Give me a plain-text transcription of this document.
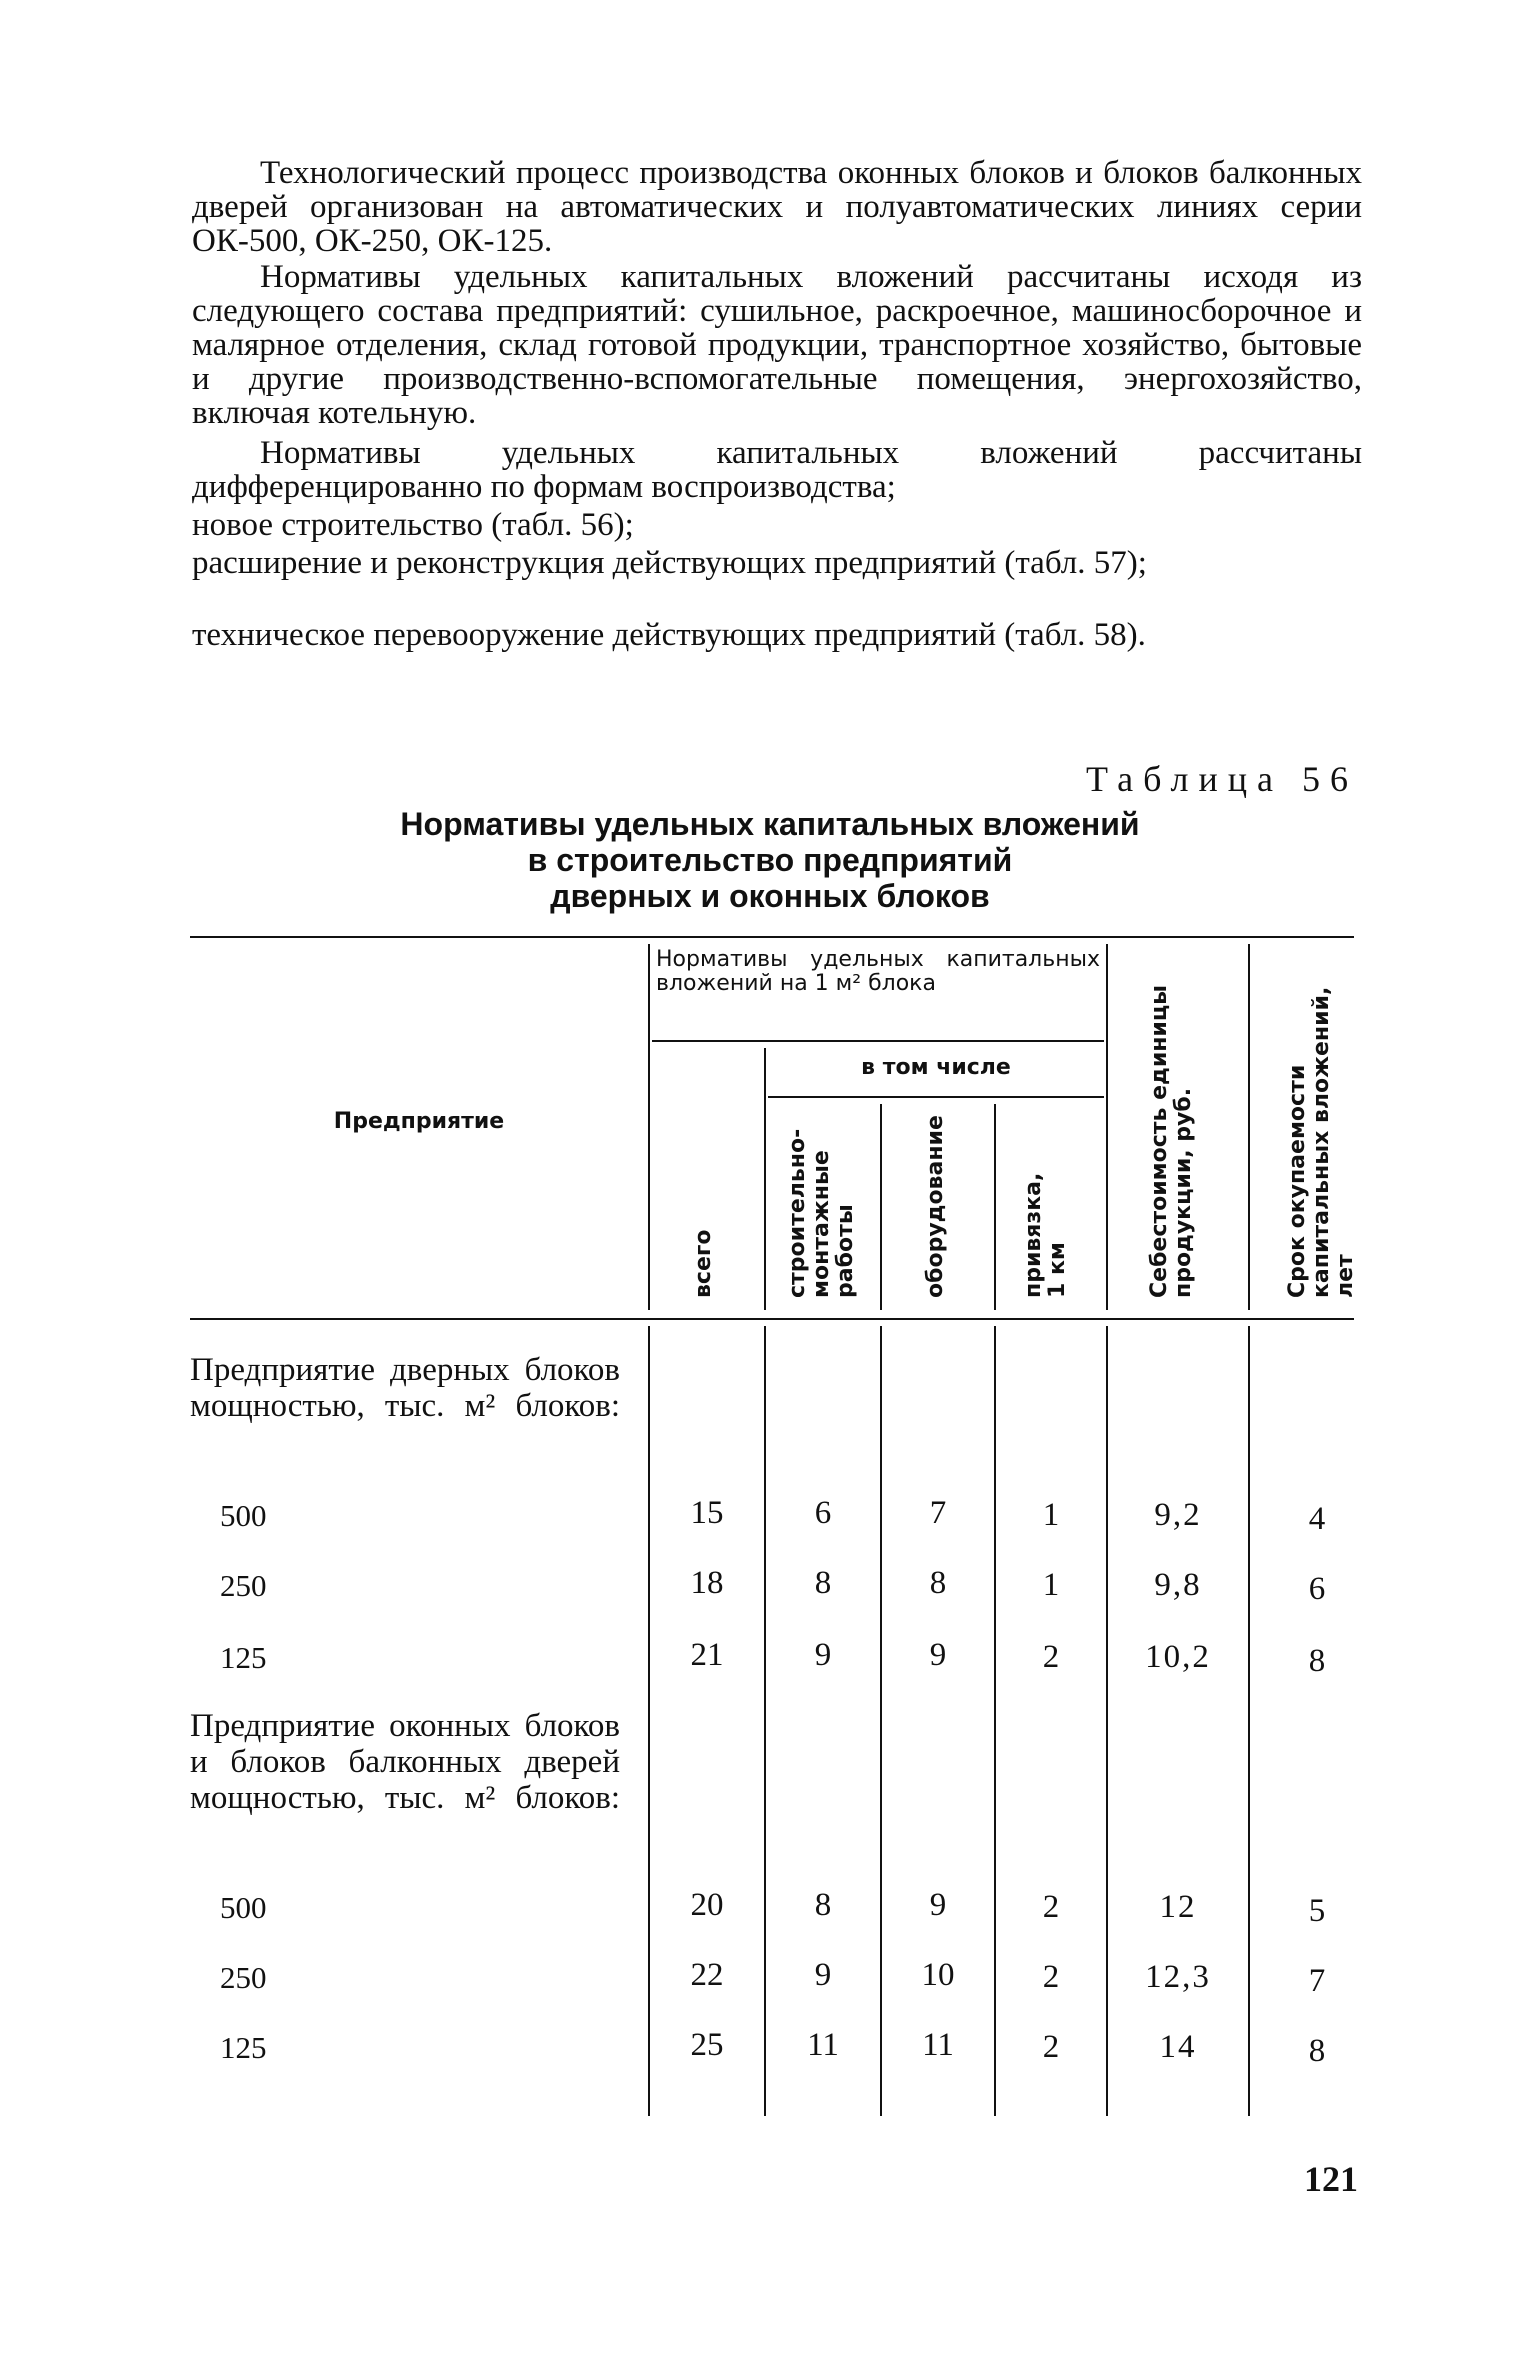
Технологический процесс производства оконных блоков и блоков балконных дверей организован на автоматических и полуавтоматических линиях серии ОК-500, ОК-250, ОК-125.

Нормативы удельных капитальных вложений рассчитаны исходя из следующего состава предприятий: сушильное, раскроечное, машиносборочное и малярное отделения, склад готовой продукции, транспортное хозяйство, бытовые и другие производственно-вспомогательные помещения, энергохозяйство, включая котельную.

Нормативы удельных капитальных вложений рассчитаны дифференцированно по формам воспроизводства;

новое строительство (табл. 56);

расширение и реконструкция действующих предприятий (табл. 57);

техническое перевооружение действующих предприятий (табл. 58).

Таблица 56
Нормативы удельных капитальных вложений
в строительство предприятий
дверных и оконных блоков
Предприятие
Нормативы удельных капитальных вложений на 1 м² блока
в том числе
всего	строительно-монтажные работы	оборудование	привязка, 1 км	Себестоимость единицы продукции, руб.	Срок окупаемости капитальных вложений, лет
Предприятие дверных блоков мощностью, тыс. м² блоков:
500	15	6	7	1	9,2	4
250	18	8	8	1	9,8	6
125	21	9	9	2	10,2	8
Предприятие оконных блоков и блоков балконных дверей мощностью, тыс. м² блоков:
500	20	8	9	2	12	5
250	22	9	10	2	12,3	7
125	25	11	11	2	14	8
121
